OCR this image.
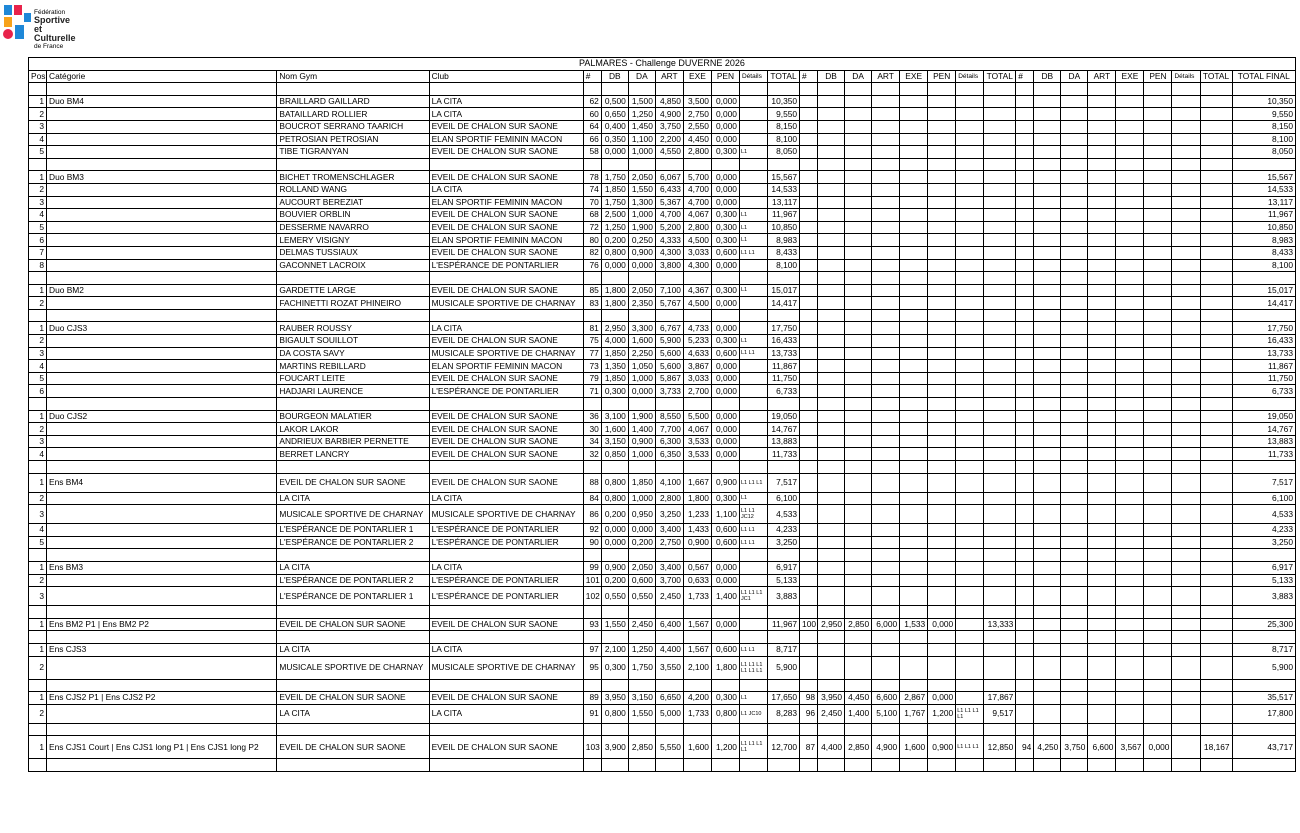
Fédération
Sportive
et Culturelle
de France
PALMARES - Challenge DUVERNE 2026																												
Pos	Catégorie	Nom Gym	Club	#	DB	DA	ART	EXE	PEN	Détails	TOTAL	#	DB	DA	ART	EXE	PEN	Détails	TOTAL	#	DB	DA	ART	EXE	PEN	Détails	TOTAL	TOTAL FINAL

1	Duo BM4	BRAILLARD GAILLARD	LA CITA	62	0,500	1,500	4,850	3,500	0,000		10,350																	10,350
2		BATAILLARD ROLLIER	LA CITA	60	0,650	1,250	4,900	2,750	0,000		9,550																	9,550
3		BOUCROT SERRANO TAARICH	EVEIL DE CHALON SUR SAONE	64	0,400	1,450	3,750	2,550	0,000		8,150																	8,150
4		PETROSIAN PETROSIAN	ELAN SPORTIF FEMININ MACON	66	0,350	1,100	2,200	4,450	0,000		8,100																	8,100
5		TIBE TIGRANYAN	EVEIL DE CHALON SUR SAONE	58	0,000	1,000	4,550	2,800	0,300	L1	8,050																	8,050

1	Duo BM3	BICHET TROMENSCHLAGER	EVEIL DE CHALON SUR SAONE	78	1,750	2,050	6,067	5,700	0,000		15,567																	15,567
2		ROLLAND WANG	LA CITA	74	1,850	1,550	6,433	4,700	0,000		14,533																	14,533
3		AUCOURT BEREZIAT	ELAN SPORTIF FEMININ MACON	70	1,750	1,300	5,367	4,700	0,000		13,117																	13,117
4		BOUVIER ORBLIN	EVEIL DE CHALON SUR SAONE	68	2,500	1,000	4,700	4,067	0,300	L1	11,967																	11,967
5		DESSERME NAVARRO	EVEIL DE CHALON SUR SAONE	72	1,250	1,900	5,200	2,800	0,300	L1	10,850																	10,850
6		LEMERY VISIGNY	ELAN SPORTIF FEMININ MACON	80	0,200	0,250	4,333	4,500	0,300	L1	8,983																	8,983
7		DELMAS TUSSIAUX	EVEIL DE CHALON SUR SAONE	82	0,800	0,900	4,300	3,033	0,600	L1 L1	8,433																	8,433
8		GACONNET LACROIX	L'ESPÉRANCE DE PONTARLIER	76	0,000	0,000	3,800	4,300	0,000		8,100																	8,100

1	Duo BM2	GARDETTE LARGE	EVEIL DE CHALON SUR SAONE	85	1,800	2,050	7,100	4,367	0,300	L1	15,017																	15,017
2		FACHINETTI ROZAT PHINEIRO	MUSICALE SPORTIVE DE CHARNAY	83	1,800	2,350	5,767	4,500	0,000		14,417																	14,417

1	Duo CJS3	RAUBER ROUSSY	LA CITA	81	2,950	3,300	6,767	4,733	0,000		17,750																	17,750
2		BIGAULT SOUILLOT	EVEIL DE CHALON SUR SAONE	75	4,000	1,600	5,900	5,233	0,300	L1	16,433																	16,433
3		DA COSTA SAVY	MUSICALE SPORTIVE DE CHARNAY	77	1,850	2,250	5,600	4,633	0,600	L1 L1	13,733																	13,733
4		MARTINS REBILLARD	ELAN SPORTIF FEMININ MACON	73	1,350	1,050	5,600	3,867	0,000		11,867																	11,867
5		FOUCART LEITE	EVEIL DE CHALON SUR SAONE	79	1,850	1,000	5,867	3,033	0,000		11,750																	11,750
6		HADJARI LAURENCE	L'ESPÉRANCE DE PONTARLIER	71	0,300	0,000	3,733	2,700	0,000		6,733																	6,733

1	Duo CJS2	BOURGEON MALATIER	EVEIL DE CHALON SUR SAONE	36	3,100	1,900	8,550	5,500	0,000		19,050																	19,050
2		LAKOR LAKOR	EVEIL DE CHALON SUR SAONE	30	1,600	1,400	7,700	4,067	0,000		14,767																	14,767
3		ANDRIEUX BARBIER PERNETTE	EVEIL DE CHALON SUR SAONE	34	3,150	0,900	6,300	3,533	0,000		13,883																	13,883
4		BERRET LANCRY	EVEIL DE CHALON SUR SAONE	32	0,850	1,000	6,350	3,533	0,000		11,733																	11,733

1	Ens BM4	EVEIL DE CHALON SUR SAONE	EVEIL DE CHALON SUR SAONE	88	0,800	1,850	4,100	1,667	0,900	L1 L1 L1	7,517																	7,517
2		LA CITA	LA CITA	84	0,800	1,000	2,800	1,800	0,300	L1	6,100																	6,100
3		MUSICALE SPORTIVE DE CHARNAY	MUSICALE SPORTIVE DE CHARNAY	86	0,200	0,950	3,250	1,233	1,100	L1 L1 JC12	4,533																	4,533
4		L'ESPÉRANCE DE PONTARLIER 1	L'ESPÉRANCE DE PONTARLIER	92	0,000	0,000	3,400	1,433	0,600	L1 L1	4,233																	4,233
5		L'ESPÉRANCE DE PONTARLIER 2	L'ESPÉRANCE DE PONTARLIER	90	0,000	0,200	2,750	0,900	0,600	L1 L1	3,250																	3,250

1	Ens BM3	LA CITA	LA CITA	99	0,900	2,050	3,400	0,567	0,000		6,917																	6,917
2		L'ESPÉRANCE DE PONTARLIER 2	L'ESPÉRANCE DE PONTARLIER	101	0,200	0,600	3,700	0,633	0,000		5,133																	5,133
3		L'ESPÉRANCE DE PONTARLIER 1	L'ESPÉRANCE DE PONTARLIER	102	0,550	0,550	2,450	1,733	1,400	L1 L1 L1 JC1	3,883																	3,883

1	Ens BM2 P1 | Ens BM2 P2	EVEIL DE CHALON SUR SAONE	EVEIL DE CHALON SUR SAONE	93	1,550	2,450	6,400	1,567	0,000		11,967	100	2,950	2,850	6,000	1,533	0,000		13,333									25,300

1	Ens CJS3	LA CITA	LA CITA	97	2,100	1,250	4,400	1,567	0,600	L1 L1	8,717																	8,717
2		MUSICALE SPORTIVE DE CHARNAY	MUSICALE SPORTIVE DE CHARNAY	95	0,300	1,750	3,550	2,100	1,800	L1 L1 L1 L1 L1 L1	5,900																	5,900

1	Ens CJS2 P1 | Ens CJS2 P2	EVEIL DE CHALON SUR SAONE	EVEIL DE CHALON SUR SAONE	89	3,950	3,150	6,650	4,200	0,300	L1	17,650	98	3,950	4,450	6,600	2,867	0,000		17,867									35,517
2		LA CITA	LA CITA	91	0,800	1,550	5,000	1,733	0,800	L1 JC10	8,283	96	2,450	1,400	5,100	1,767	1,200	L1 L1 L1 L1	9,517									17,800

1	Ens CJS1 Court | Ens CJS1 long P1 | Ens CJS1 long P2	EVEIL DE CHALON SUR SAONE	EVEIL DE CHALON SUR SAONE	103	3,900	2,850	5,550	1,600	1,200	L1 L1 L1 L1	12,700	87	4,400	2,850	4,900	1,600	0,900	L1 L1 L1	12,850	94	4,250	3,750	6,600	3,567	0,000		18,167	43,717
